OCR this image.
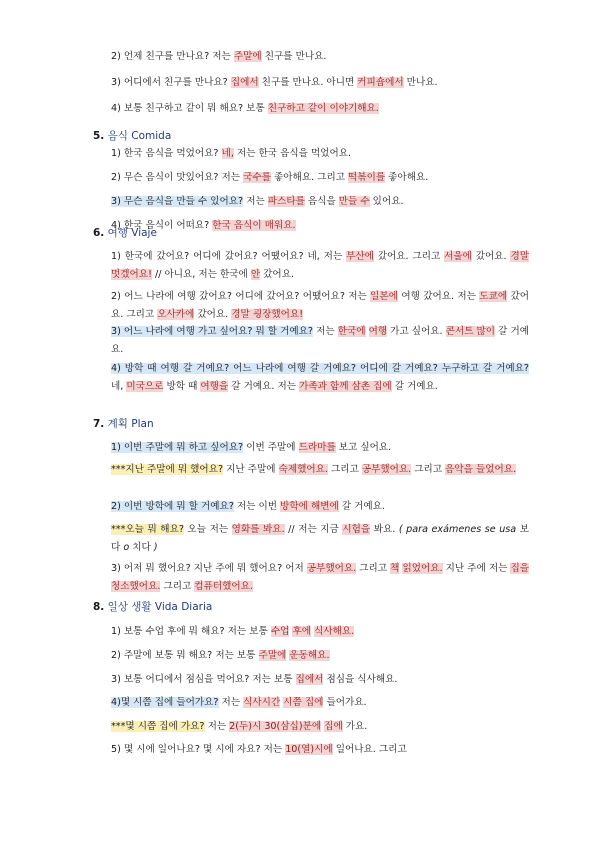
2) 언제 친구를 만나요? 저는 주말에 친구를 만나요.
3) 어디에서 친구를 만나요? 집에서 친구를 만나요. 아니면 커피숍에서 만나요.
4) 보통 친구하고 같이 뭐 해요? 보통 친구하고 같이 이야기해요.
5. 음식 Comida
1) 한국 음식을 먹었어요? 네, 저는 한국 음식을 먹었어요.
2) 무슨 음식이 맛있어요? 저는 국수를 좋아해요. 그리고 떡볶이를 좋아해요.
3) 무슨 음식을 만들 수 있어요? 저는 파스타를 음식을 만들 수 있어요.
4) 한국 음식이 어떠요? 한국 음식이 매워요.
6. 여행 Viaje
1) 한국에 갔어요? 어디에 갔어요? 어땠어요? 네, 저는 부산에 갔어요. 그리고 서울에 갔어요. 경말 멋겠어요! // 아니요, 저는 한국에 안 갔어요.
2) 어느 나라에 여행 갔어요? 어디에 갔어요? 어땠어요? 저는 일본에 여행 갔어요. 저는 도쿄에 갔어요. 그리고 오사카에 갔어요. 경말 굉장했어요!
3) 어느 나라에 여행 가고 싶어요? 뭐 할 거예요? 저는 한국에 여행 가고 싶어요. 콘서트 많이 갈 거예요.
4) 방학 때 여행 갈 거예요? 어느 나라에 여행 갈 거예요? 어디에 갈 거예요? 누구하고 갈 거예요? 네, 미국으로 방학 때 여행을 갈 거예요. 저는 가족과 함께 삼촌 집에 갈 거예요.
7. 계획 Plan
1) 이번 주말에 뭐 하고 싶어요? 이번 주말에 드라마를 보고 싶어요.
***지난 주말에 뭐 했어요? 지난 주말에 숙제했어요. 그리고 공부했어요. 그리고 음악을 들었어요.
2) 이번 방학에 뭐 할 거예요? 저는 이번 방학에 해변에 갈 거예요.
***오늘 뭐 해요? 오늘 저는 영화를 봐요. // 저는 지금 시험을 봐요. ( para exámenes se usa 보다 o 치다 )
3) 어저 뭐 했어요? 지난 주에 뭐 했어요? 어저 공부했어요. 그리고 책 읽었어요. 지난 주에 저는 집을 청소했어요. 그리고 컴퓨터했어요.
8. 일상 생활 Vida Diaria
1) 보통 수업 후에 뭐 해요? 저는 보통 수업 후에 식사해요.
2) 주말에 보통 뭐 해요? 저는 보통 주말에 운동해요.
3) 보통 어디에서 점심을 먹어요? 저는 보통 집에서 점심을 식사해요.
4)몇 시쯤 집에 들어가요? 저는 식사시간 시쯤 집에 들어가요.
***몇 시쯤 집에 가요? 저는 2(두)시 30(삼십)분에 집에 가요.
5) 몇 시에 일어나요? 몇 시에 자요? 저는 10(열)시에 일어나요. 그리고
